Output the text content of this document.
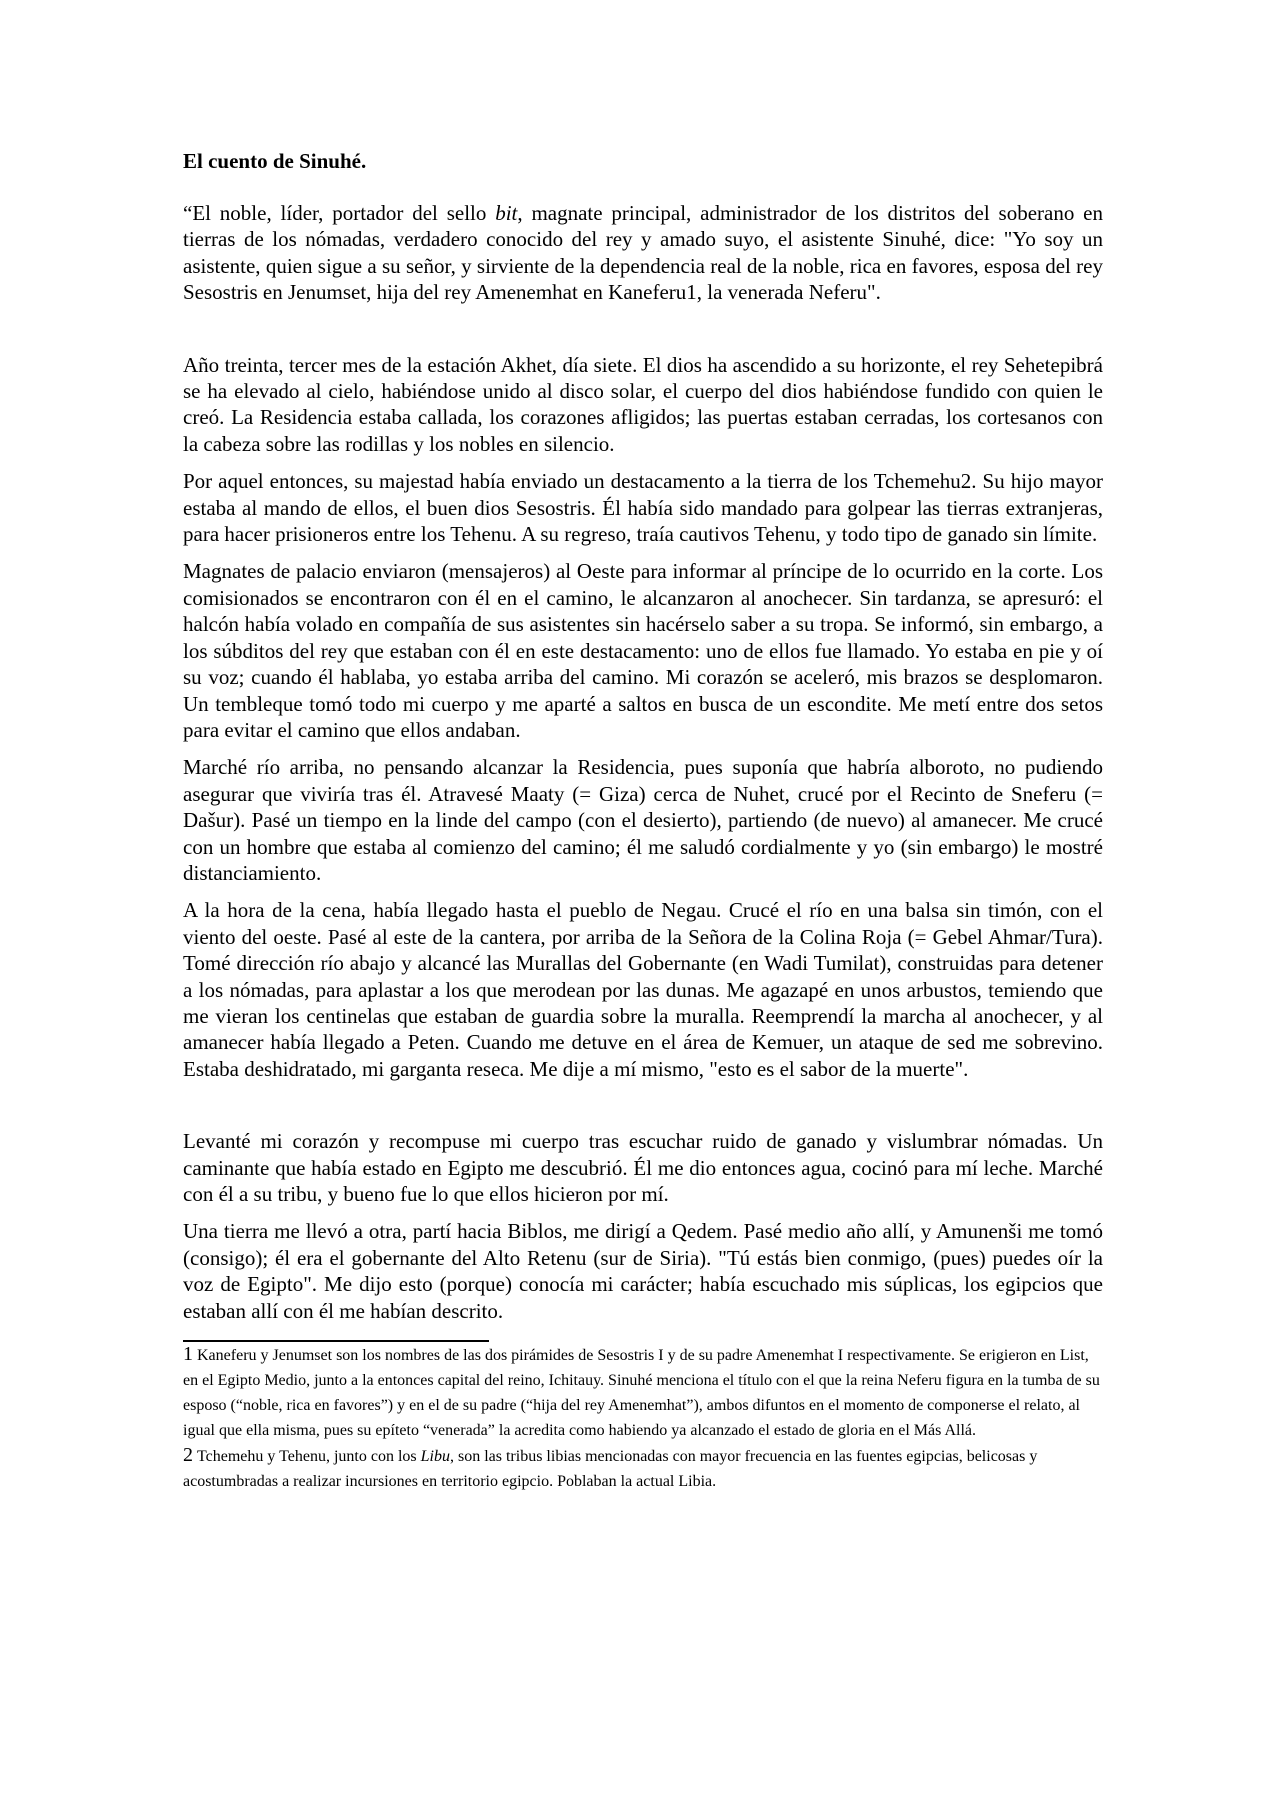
El cuento de Sinuhé.

“El noble, líder, portador del sello bit, magnate principal, administrador de los distritos del soberano en tierras de los nómadas, verdadero conocido del rey y amado suyo, el asistente Sinuhé, dice: "Yo soy un asistente, quien sigue a su señor, y sirviente de la dependencia real de la noble, rica en favores, esposa del rey Sesostris en Jenumset, hija del rey Amenemhat en Kaneferu1, la venerada Neferu".

Año treinta, tercer mes de la estación Akhet, día siete. El dios ha ascendido a su horizonte, el rey Sehetepibrá se ha elevado al cielo, habiéndose unido al disco solar, el cuerpo del dios habiéndose fundido con quien le creó. La Residencia estaba callada, los corazones afligidos; las puertas estaban cerradas, los cortesanos con la cabeza sobre las rodillas y los nobles en silencio.

Por aquel entonces, su majestad había enviado un destacamento a la tierra de los Tchemehu2. Su hijo mayor estaba al mando de ellos, el buen dios Sesostris. Él había sido mandado para golpear las tierras extranjeras, para hacer prisioneros entre los Tehenu. A su regreso, traía cautivos Tehenu, y todo tipo de ganado sin límite.

Magnates de palacio enviaron (mensajeros) al Oeste para informar al príncipe de lo ocurrido en la corte. Los comisionados se encontraron con él en el camino, le alcanzaron al anochecer. Sin tardanza, se apresuró: el halcón había volado en compañía de sus asistentes sin hacérselo saber a su tropa. Se informó, sin embargo, a los súbditos del rey que estaban con él en este destacamento: uno de ellos fue llamado. Yo estaba en pie y oí su voz; cuando él hablaba, yo estaba arriba del camino. Mi corazón se aceleró, mis brazos se desplomaron. Un tembleque tomó todo mi cuerpo y me aparté a saltos en busca de un escondite. Me metí entre dos setos para evitar el camino que ellos andaban.

Marché río arriba, no pensando alcanzar la Residencia, pues suponía que habría alboroto, no pudiendo asegurar que viviría tras él. Atravesé Maaty (= Giza) cerca de Nuhet, crucé por el Recinto de Sneferu (= Dašur). Pasé un tiempo en la linde del campo (con el desierto), partiendo (de nuevo) al amanecer. Me crucé con un hombre que estaba al comienzo del camino; él me saludó cordialmente y yo (sin embargo) le mostré distanciamiento.

A la hora de la cena, había llegado hasta el pueblo de Negau. Crucé el río en una balsa sin timón, con el viento del oeste. Pasé al este de la cantera, por arriba de la Señora de la Colina Roja (= Gebel Ahmar/Tura). Tomé dirección río abajo y alcancé las Murallas del Gobernante (en Wadi Tumilat), construidas para detener a los nómadas, para aplastar a los que merodean por las dunas. Me agazapé en unos arbustos, temiendo que me vieran los centinelas que estaban de guardia sobre la muralla. Reemprendí la marcha al anochecer, y al amanecer había llegado a Peten. Cuando me detuve en el área de Kemuer, un ataque de sed me sobrevino. Estaba deshidratado, mi garganta reseca. Me dije a mí mismo, "esto es el sabor de la muerte".

Levanté mi corazón y recompuse mi cuerpo tras escuchar ruido de ganado y vislumbrar nómadas. Un caminante que había estado en Egipto me descubrió. Él me dio entonces agua, cocinó para mí leche. Marché con él a su tribu, y bueno fue lo que ellos hicieron por mí.

Una tierra me llevó a otra, partí hacia Biblos, me dirigí a Qedem. Pasé medio año allí, y Amunenši me tomó (consigo); él era el gobernante del Alto Retenu (sur de Siria). "Tú estás bien conmigo, (pues) puedes oír la voz de Egipto". Me dijo esto (porque) conocía mi carácter; había escuchado mis súplicas, los egipcios que estaban allí con él me habían descrito.

1 Kaneferu y Jenumset son los nombres de las dos pirámides de Sesostris I y de su padre Amenemhat I respectivamente. Se erigieron en List, en el Egipto Medio, junto a la entonces capital del reino, Ichitauy. Sinuhé menciona el título con el que la reina Neferu figura en la tumba de su esposo (“noble, rica en favores”) y en el de su padre (“hija del rey Amenemhat”), ambos difuntos en el momento de componerse el relato, al igual que ella misma, pues su epíteto “venerada” la acredita como habiendo ya alcanzado el estado de gloria en el Más Allá.

2 Tchemehu y Tehenu, junto con los Libu, son las tribus libias mencionadas con mayor frecuencia en las fuentes egipcias, belicosas y acostumbradas a realizar incursiones en territorio egipcio. Poblaban la actual Libia.
